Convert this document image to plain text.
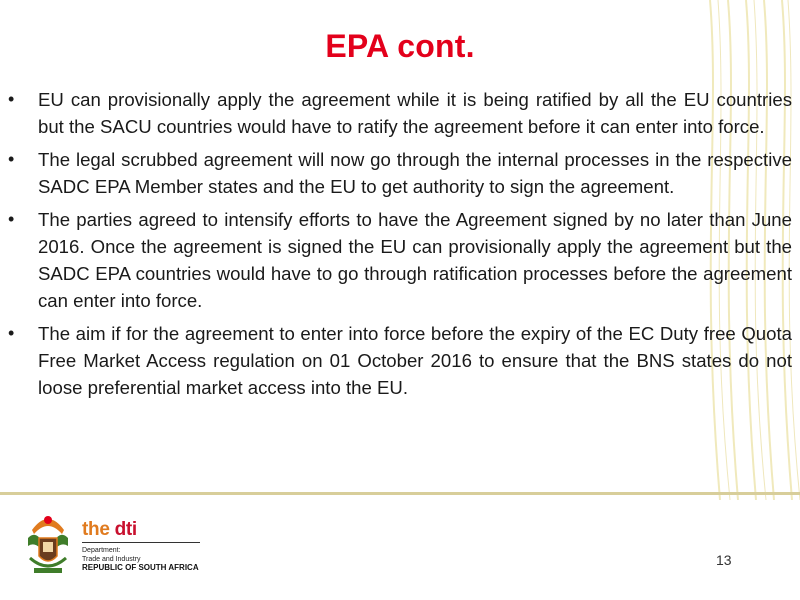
EPA cont.
• EU can provisionally apply the agreement while it is being ratified by all the EU countries but the SACU countries would have to ratify the agreement before it can enter into force.
• The legal scrubbed agreement will now go through the internal processes in the respective SADC EPA Member states and the EU to get authority to sign the agreement.
• The parties agreed to intensify efforts to have the Agreement signed by no later than June 2016. Once the agreement is signed the EU can provisionally apply the agreement but the SADC EPA countries would have to go through ratification processes before the agreement can enter into force.
• The aim if for the agreement to enter into force before the expiry of the EC Duty free Quota Free Market Access regulation on 01 October 2016 to ensure that the BNS states do not loose preferential market access into the EU.
the dti
Department:
Trade and Industry
REPUBLIC OF SOUTH AFRICA	13
